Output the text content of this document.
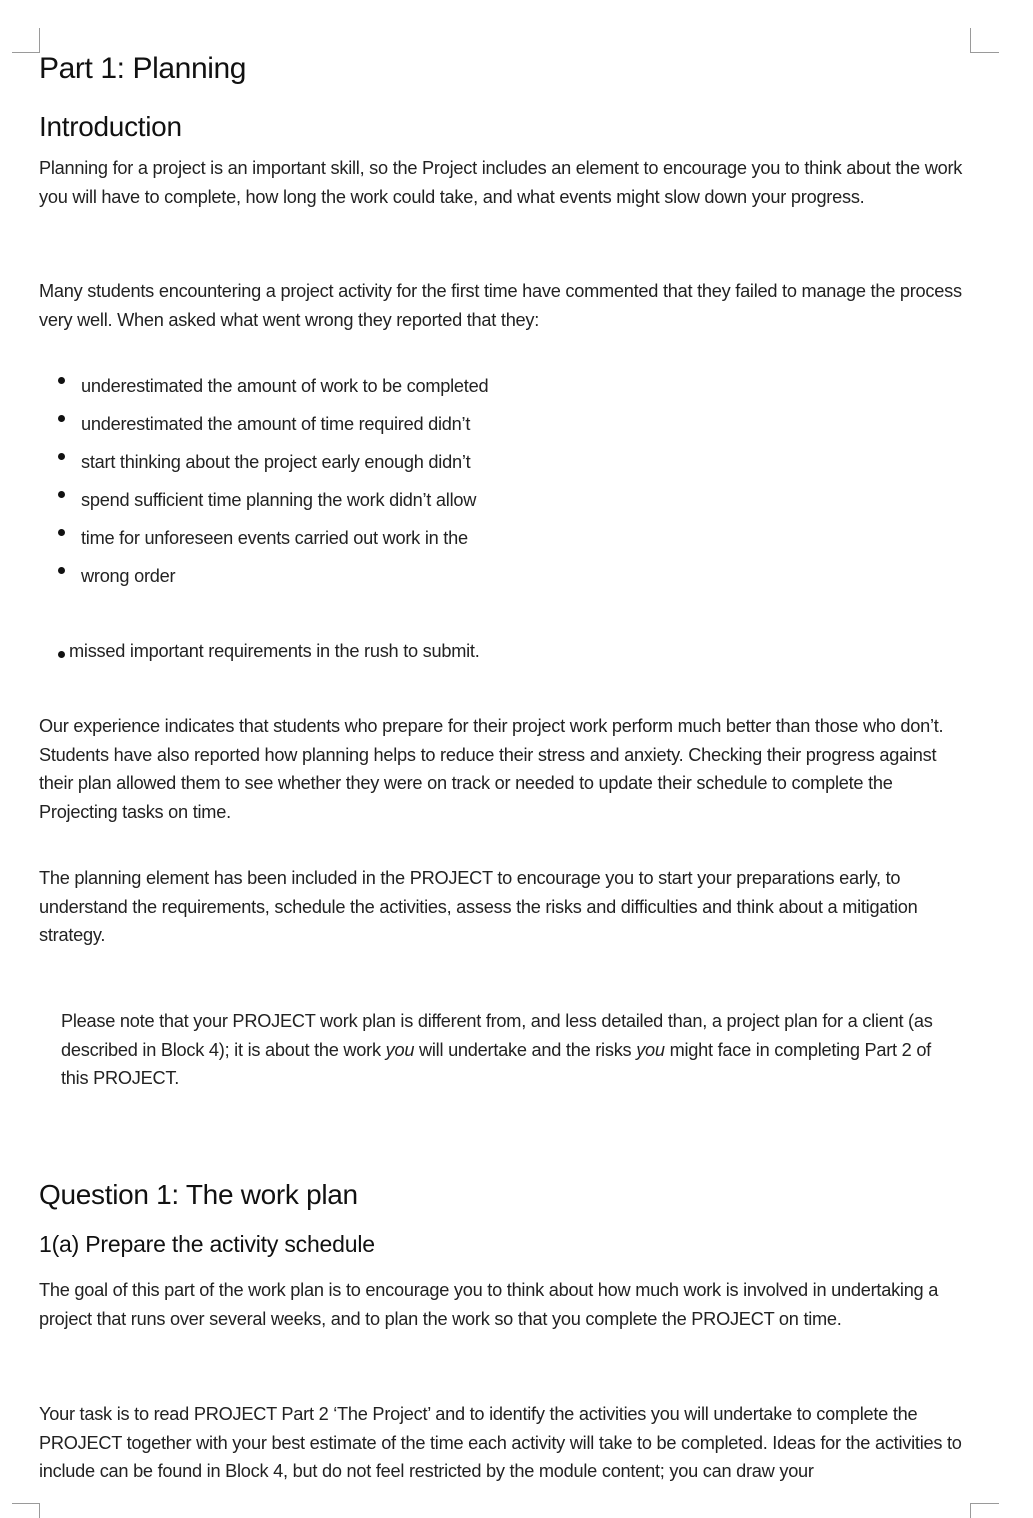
Part 1: Planning
Introduction

Planning for a project is an important skill, so the Project includes an element to encourage you to think about the work you will have to complete, how long the work could take, and what events might slow down your progress.

Many students encountering a project activity for the first time have commented that they failed to manage the process very well. When asked what went wrong they reported that they:

underestimated the amount of work to be completed
underestimated the amount of time required didn’t
start thinking about the project early enough didn’t
spend sufficient time planning the work didn’t allow
time for unforeseen events carried out work in the
wrong order

missed important requirements in the rush to submit.

Our experience indicates that students who prepare for their project work perform much better than those who don’t. Students have also reported how planning helps to reduce their stress and anxiety. Checking their progress against their plan allowed them to see whether they were on track or needed to update their schedule to complete the Projecting tasks on time.

The planning element has been included in the PROJECT to encourage you to start your preparations early, to understand the requirements, schedule the activities, assess the risks and difficulties and think about a mitigation strategy.

Please note that your PROJECT work plan is different from, and less detailed than, a project plan for a client (as described in Block 4); it is about the work you will undertake and the risks you might face in completing Part 2 of this PROJECT.

Question 1: The work plan
1(a) Prepare the activity schedule

The goal of this part of the work plan is to encourage you to think about how much work is involved in undertaking a project that runs over several weeks, and to plan the work so that you complete the PROJECT on time.

Your task is to read PROJECT Part 2 ‘The Project’ and to identify the activities you will undertake to complete the PROJECT together with your best estimate of the time each activity will take to be completed. Ideas for the activities to include can be found in Block 4, but do not feel restricted by the module content; you can draw your
